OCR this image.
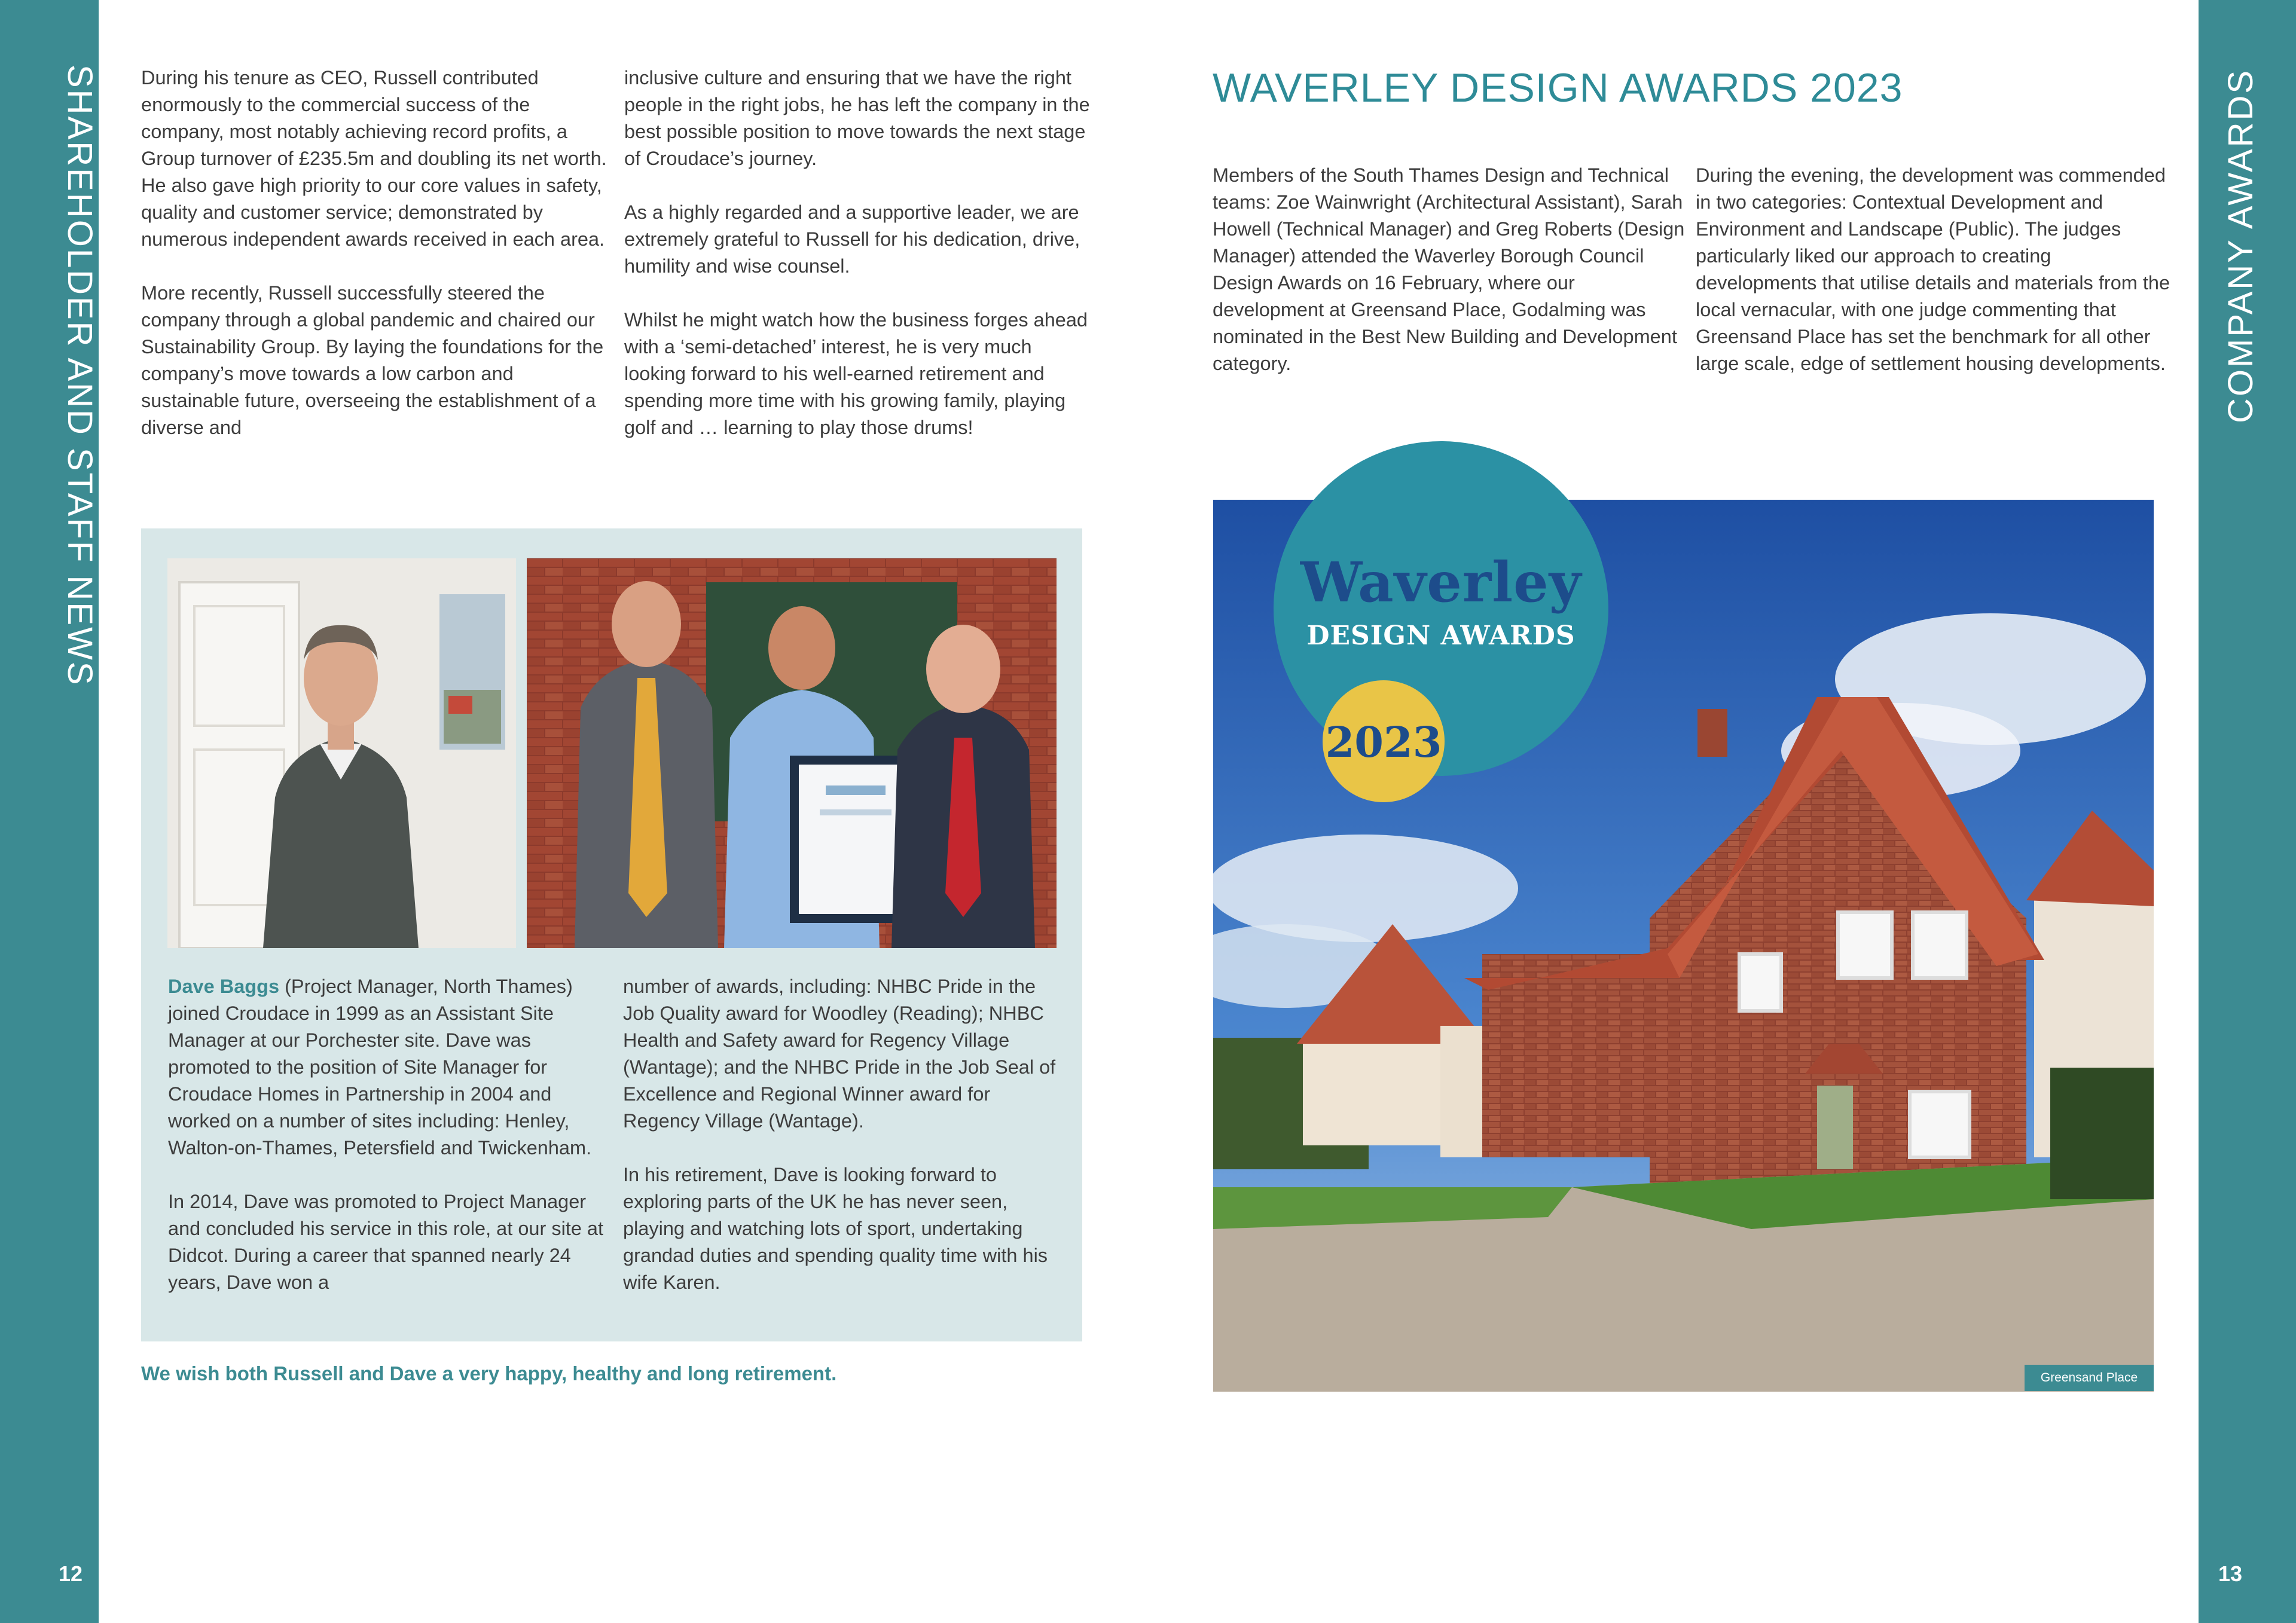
SHAREHOLDER AND STAFF NEWS	COMPANY AWARDS
12	13

During his tenure as CEO, Russell contributed enormously to the commercial success of the company, most notably achieving record profits, a Group turnover of £235.5m and doubling its net worth. He also gave high priority to our core values in safety, quality and customer service; demonstrated by numerous independent awards received in each area.

More recently, Russell successfully steered the company through a global pandemic and chaired our Sustainability Group. By laying the foundations for the company’s move towards a low carbon and sustainable future, overseeing the establishment of a diverse and

inclusive culture and ensuring that we have the right people in the right jobs, he has left the company in the best possible position to move towards the next stage of Croudace’s journey.

As a highly regarded and a supportive leader, we are extremely grateful to Russell for his dedication, drive, humility and wise counsel.

Whilst he might watch how the business forges ahead with a ‘semi-detached’ interest, he is very much looking forward to his well-earned retirement and spending more time with his growing family, playing golf and … learning to play those drums!

Dave Baggs (Project Manager, North Thames) joined Croudace in 1999 as an Assistant Site Manager at our Porchester site. Dave was promoted to the position of Site Manager for Croudace Homes in Partnership in 2004 and worked on a number of sites including: Henley, Walton-on-Thames, Petersfield and Twickenham.

In 2014, Dave was promoted to Project Manager and concluded his service in this role, at our site at Didcot. During a career that spanned nearly 24 years, Dave won a

number of awards, including: NHBC Pride in the Job Quality award for Woodley (Reading); NHBC Health and Safety award for Regency Village (Wantage); and the NHBC Pride in the Job Seal of Excellence and Regional Winner award for Regency Village (Wantage).

In his retirement, Dave is looking forward to exploring parts of the UK he has never seen, playing and watching lots of sport, undertaking grandad duties and spending quality time with his wife Karen.

We wish both Russell and Dave a very happy, healthy and long retirement.
WAVERLEY DESIGN AWARDS 2023

Members of the South Thames Design and Technical teams: Zoe Wainwright (Architectural Assistant), Sarah Howell (Technical Manager) and Greg Roberts (Design Manager) attended the Waverley Borough Council Design Awards on 16 February, where our development at Greensand Place, Godalming was nominated in the Best New Building and Development category.

During the evening, the development was commended in two categories: Contextual Development and Environment and Landscape (Public). The judges particularly liked our approach to creating developments that utilise details and materials from the local vernacular, with one judge commenting that Greensand Place has set the benchmark for all other large scale, edge of settlement housing developments.

Greensand Place
Waverley
DESIGN AWARDS
2023
